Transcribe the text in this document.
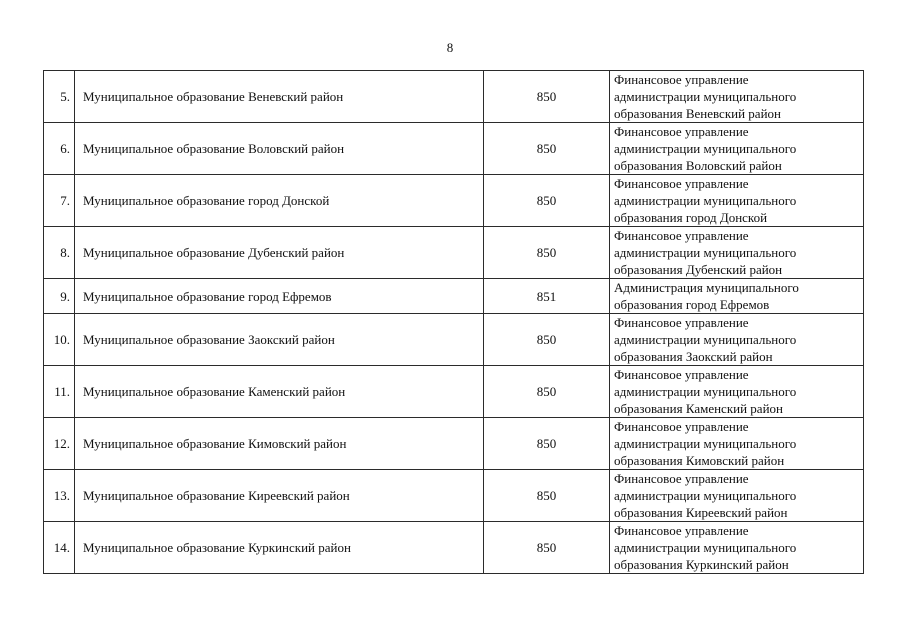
8
5.	Муниципальное образование Веневский район	850	Финансовое управление
администрации муниципального
образования Веневский район

6.	Муниципальное образование Воловский район	850	Финансовое управление
администрации муниципального
образования Воловский район

7.	Муниципальное образование город Донской	850	Финансовое управление
администрации муниципального
образования город Донской

8.	Муниципальное образование Дубенский район	850	Финансовое управление
администрации муниципального
образования Дубенский район

9.	Муниципальное образование город Ефремов	851	Администрация муниципального
образования город Ефремов

10.	Муниципальное образование Заокский район	850	Финансовое управление
администрации муниципального
образования Заокский район

11.	Муниципальное образование Каменский район	850	Финансовое управление
администрации муниципального
образования Каменский район

12.	Муниципальное образование Кимовский район	850	Финансовое управление
администрации муниципального
образования Кимовский район

13.	Муниципальное образование Киреевский район	850	Финансовое управление
администрации муниципального
образования Киреевский район

14.	Муниципальное образование Куркинский район	850	Финансовое управление
администрации муниципального
образования Куркинский район
